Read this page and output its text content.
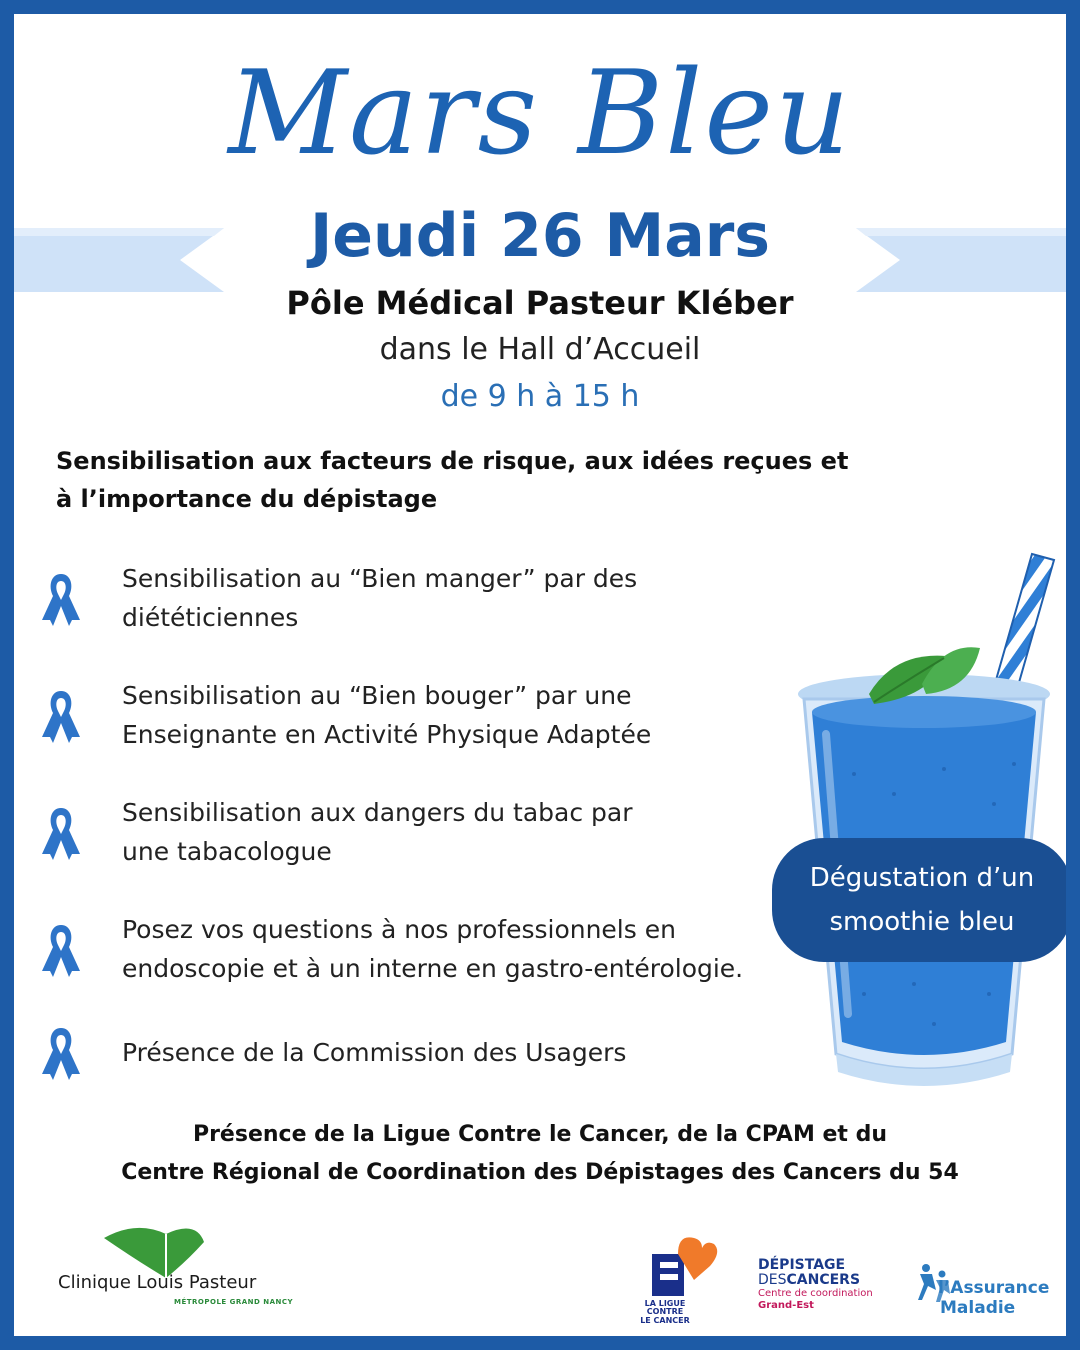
Mars Bleu
Jeudi 26 Mars
Pôle Médical Pasteur Kléber
dans le Hall d’Accueil
de 9 h à 15 h
Sensibilisation aux facteurs de risque, aux idées reçues et
à l’importance du dépistage
Sensibilisation au “Bien manger” par des
diététiciennes
Sensibilisation au “Bien bouger” par une
Enseignante en Activité Physique Adaptée
Sensibilisation aux dangers du tabac par
une tabacologue
Posez vos questions à nos professionnels en
endoscopie et à un interne en gastro-entérologie.
Présence de la Commission des Usagers
Dégustation d’un
smoothie bleu
Présence de la Ligue Contre le Cancer, de la CPAM et du
Centre Régional de Coordination des Dépistages des Cancers du 54
Clinique Louis Pasteur
MÉTROPOLE GRAND NANCY	LA LIGUE
CONTRE
LE CANCER
DÉPISTAGE
DESCANCERS
Centre de coordination
Grand-Est
l’Assurance
Maladie
